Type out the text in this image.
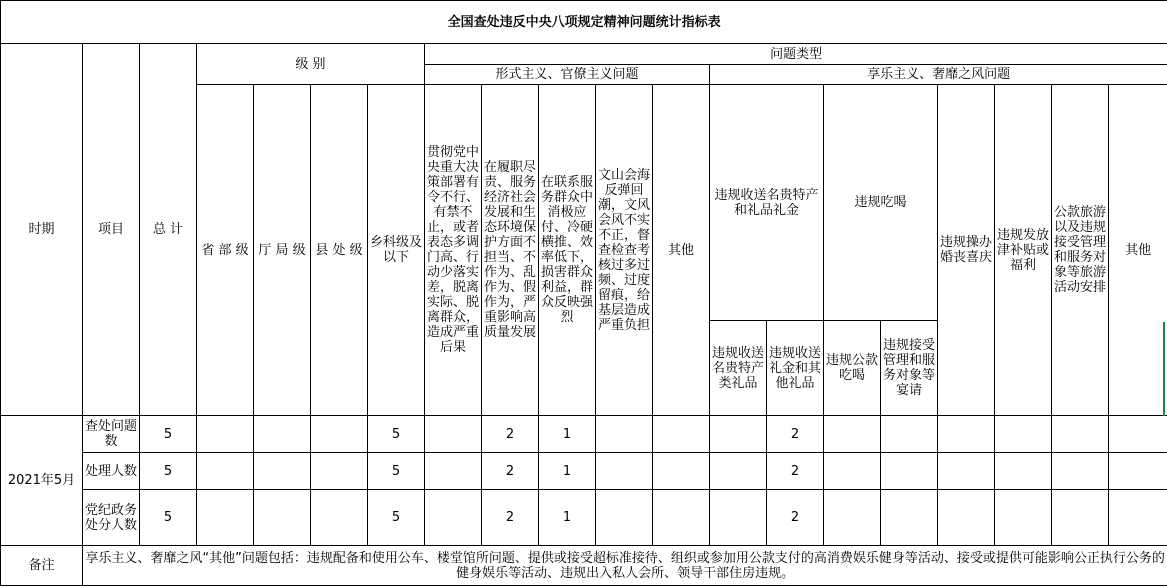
全国查处违反中央八项规定精神问题统计指标表																			
时期	项目	总 计	级 别				问题类型												
							形式主义、官僚主义问题					享乐主义、奢靡之风问题							
			省 部 级	厅 局 级	县 处 级	乡科级及以下	贯彻党中央重大决策部署有令不行、有禁不止，或者表态多调门高、行动少落实差，脱离实际、脱离群众，造成严重后果	在履职尽责、服务经济社会发展和生态环境保护方面不担当、不作为、乱作为、假作为，严重影响高质量发展	在联系服务群众中消极应付、冷硬横推、效率低下，损害群众利益，群众反映强烈	文山会海反弹回潮，文风会风不实不正，督查检查考核过多过频、过度留痕，给基层造成严重负担	其他	违规收送名贵特产和礼品礼金		违规吃喝		违规操办婚丧喜庆	违规发放津补贴或福利	公款旅游以及违规接受管理和服务对象等旅游活动安排	其他
												违规收送名贵特产类礼品	违规收送礼金和其他礼品	违规公款吃喝	违规接受管理和服务对象等宴请				

2021年5月	查处问题数	5				5		2	1				2						
	处理人数	5				5		2	1				2						
	党纪政务处分人数	5				5		2	1				2						
备注	享乐主义、奢靡之风“其他”问题包括：违规配备和使用公车、楼堂馆所问题、提供或接受超标准接待、组织或参加用公款支付的高消费娱乐健身等活动、接受或提供可能影响公正执行公务的健身娱乐等活动、违规出入私人会所、领导干部住房违规。																		
